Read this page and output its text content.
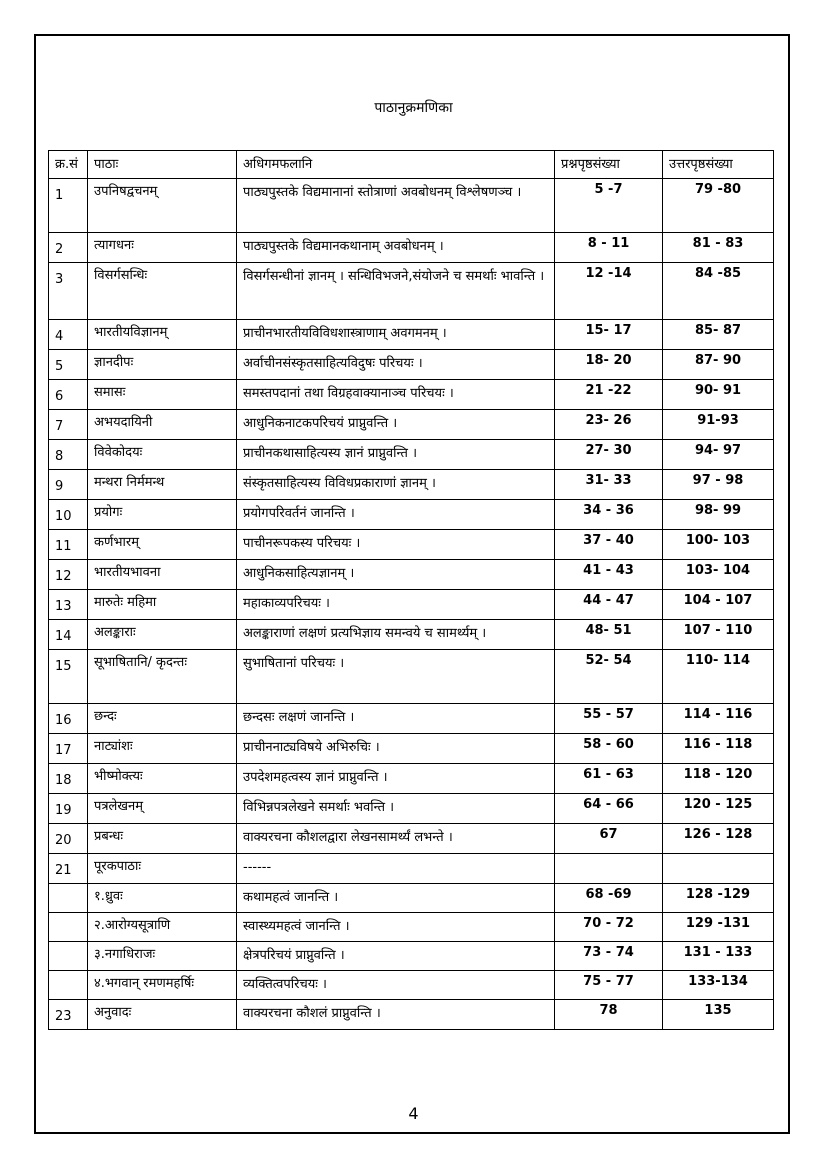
पाठानुक्रमणिका
क्र.सं	पाठाः	अधिगमफलानि	प्रश्नपृष्ठसंख्या	उत्तरपृष्ठसंख्या
1	उपनिषद्वचनम्	पाठ्यपुस्तके विद्यमानानां स्तोत्राणां अवबोधनम् विश्लेषणञ्च ।	5 -7	79 -80
2	त्यागधनः	पाठ्यपुस्तके विद्यमानकथानाम् अवबोधनम् ।	8 - 11	81 - 83
3	विसर्गसन्धिः	विसर्गसन्धीनां ज्ञानम् । सन्धिविभजने,संयोजने च समर्थाः भावन्ति ।	12 -14	84 -85
4	भारतीयविज्ञानम्	प्राचीनभारतीयविविधशास्त्राणाम् अवगमनम् ।	15- 17	85- 87
5	ज्ञानदीपः	अर्वाचीनसंस्कृतसाहित्यविदुषः परिचयः ।	18- 20	87- 90
6	समासः	समस्तपदानां तथा विग्रहवाक्यानाञ्च परिचयः ।	21 -22	90- 91
7	अभयदायिनी	आधुनिकनाटकपरिचयं प्राप्नुवन्ति ।	23- 26	91-93
8	विवेकोदयः	प्राचीनकथासाहित्यस्य ज्ञानं प्राप्नुवन्ति ।	27- 30	94- 97
9	मन्थरा निर्ममन्थ	संस्कृतसाहित्यस्य विविधप्रकाराणां ज्ञानम् ।	31- 33	97 - 98
10	प्रयोगः	प्रयोगपरिवर्तनं जानन्ति ।	34 - 36	98- 99
11	कर्णभारम्	पाचीनरूपकस्य परिचयः ।	37 - 40	100- 103
12	भारतीयभावना	आधुनिकसाहित्यज्ञानम् ।	41 - 43	103- 104
13	मारुतेः महिमा	महाकाव्यपरिचयः ।	44 - 47	104 - 107
14	अलङ्काराः	अलङ्काराणां लक्षणं प्रत्यभिज्ञाय समन्वये च सामर्थ्यम् ।	48- 51	107 - 110
15	सूभाषितानि/ कृदन्तः	सुभाषितानां परिचयः ।	52- 54	110- 114
16	छन्दः	छन्दसः लक्षणं जानन्ति ।	55 - 57	114 - 116
17	नाट्यांशः	प्राचीननाट्यविषये अभिरुचिः ।	58 - 60	116 - 118
18	भीष्मोक्त्यः	उपदेशमहत्वस्य ज्ञानं प्राप्नुवन्ति ।	61 - 63	118 - 120
19	पत्रलेखनम्	विभिन्नपत्रलेखने समर्थाः भवन्ति ।	64 - 66	120 - 125
20	प्रबन्धः	वाक्यरचना कौशलद्वारा लेखनसामर्थ्यं लभन्ते ।	67	126 - 128
21	पूरकपाठाः	------		
	१.ध्रुवः	कथामहत्वं जानन्ति ।	68 -69	128 -129
	२.आरोग्यसूत्राणि	स्वास्थ्यमहत्वं जानन्ति ।	70 - 72	129 -131
	३.नगाधिराजः	क्षेत्रपरिचयं प्राप्नुवन्ति ।	73 - 74	131 - 133
	४.भगवान् रमणमहर्षिः	व्यक्तित्वपरिचयः ।	75 - 77	133-134
23	अनुवादः	वाक्यरचना कौशलं प्राप्नुवन्ति ।	78	135
4
